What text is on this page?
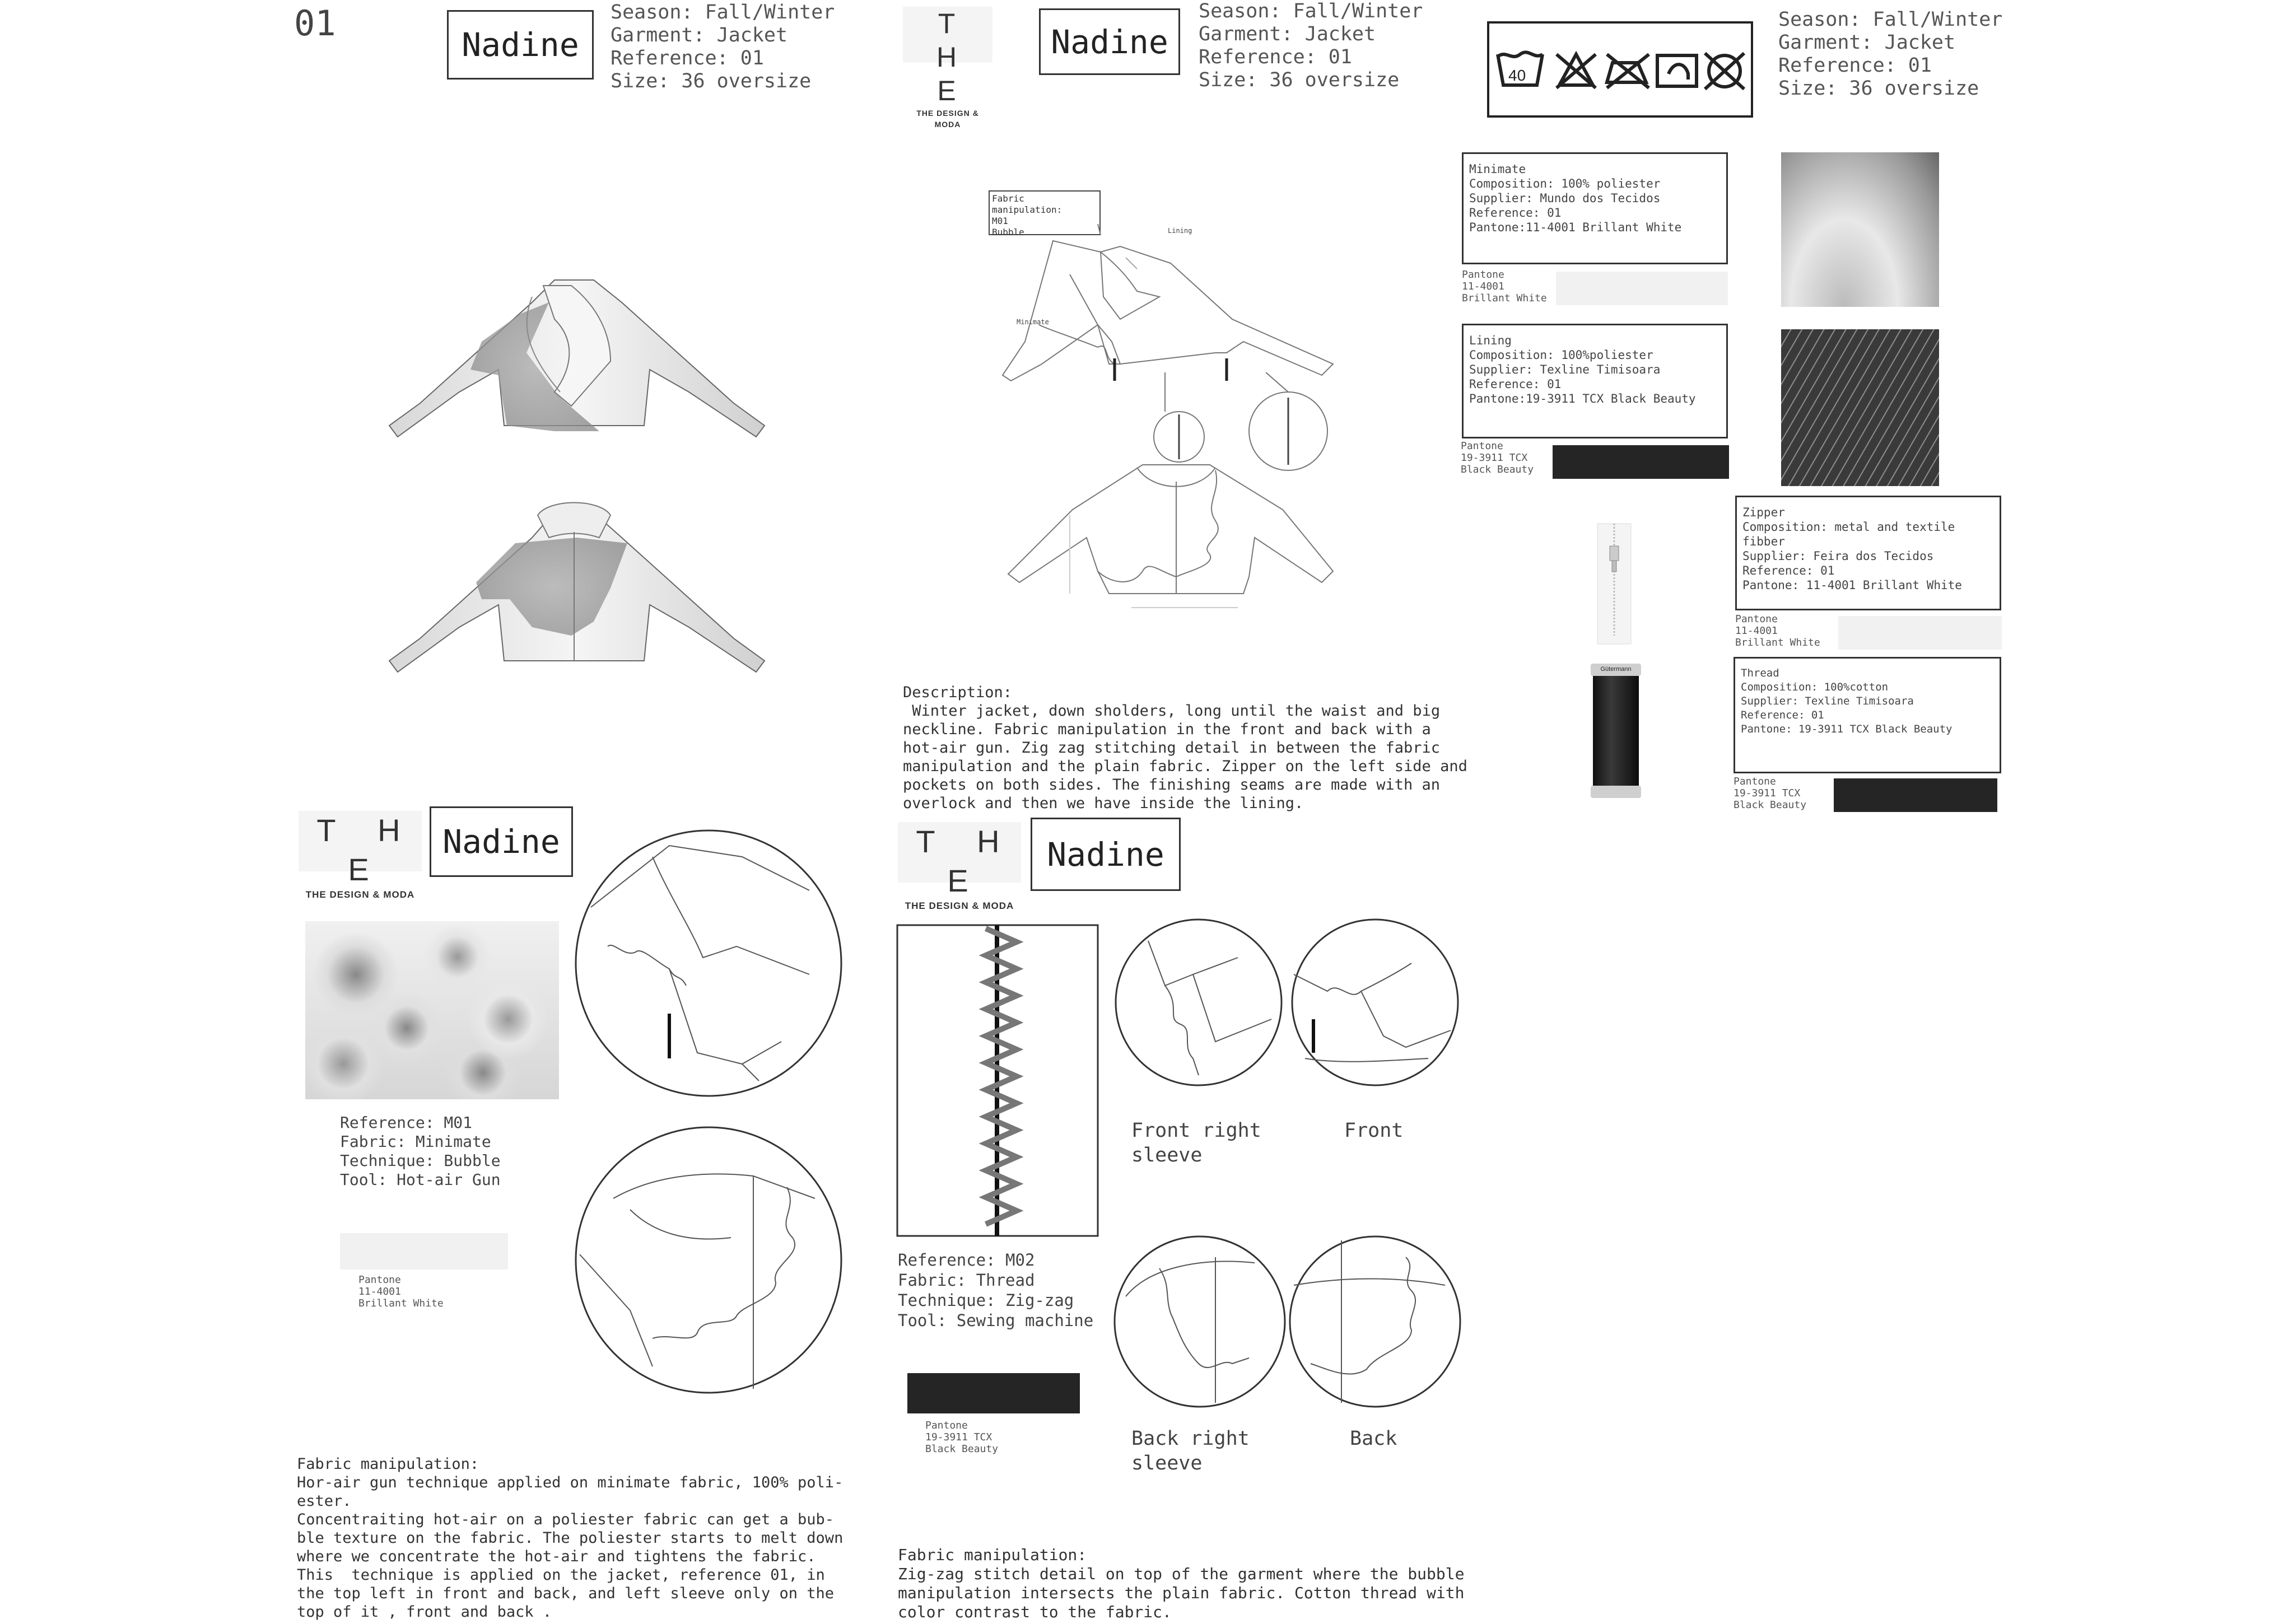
01
Nadine
Season: Fall/Winter
Garment: Jacket
Reference: 01
Size: 36 oversize
T H E
THE DESIGN & MODA
Nadine
Season: Fall/Winter
Garment: Jacket
Reference: 01
Size: 36 oversize
Fabric manipulation:
M01
Bubble	Lining
Minimate
Description:
Winter jacket, down sholders, long until the waist and big
neckline. Fabric manipulation in the front and back with a
hot-air gun. Zig zag stitching detail in between the fabric
manipulation and the plain fabric. Zipper on the left side and
pockets on both sides. The finishing seams are made with an
overlock and then we have inside the lining.
40
Season: Fall/Winter
Garment: Jacket
Reference: 01
Size: 36 oversize
Minimate
Composition: 100% poliester
Supplier: Mundo dos Tecidos
Reference: 01
Pantone:11-4001 Brillant White
Pantone
11-4001
Brillant White
Lining
Composition: 100%poliester
Supplier: Texline Timisoara
Reference: 01
Pantone:19-3911 TCX Black Beauty
Pantone
19-3911 TCX
Black Beauty
Zipper
Composition: metal and textile
fibber
Supplier: Feira dos Tecidos
Reference: 01
Pantone: 11-4001 Brillant White
Pantone
11-4001
Brillant White
Gütermann	Thread
Composition: 100%cotton
Supplier: Texline Timisoara
Reference: 01
Pantone: 19-3911 TCX Black Beauty
Pantone
19-3911 TCX
Black Beauty
T H E
THE DESIGN & MODA
Nadine
Reference: M01
Fabric: Minimate
Technique: Bubble
Tool: Hot-air Gun
Pantone
11-4001
Brillant White
Fabric manipulation:
Hor-air gun technique applied on minimate fabric, 100% poli-
ester.
Concentraiting hot-air on a poliester fabric can get a bub-
ble texture on the fabric. The poliester starts to melt down
where we concentrate the hot-air and tightens the fabric.
This  technique is applied on the jacket, reference 01, in
the top left in front and back, and left sleeve only on the
top of it , front and back .
T H E
THE DESIGN & MODA
Nadine
Front right
sleeve
Front
Back right
sleeve
Back
Reference: M02
Fabric: Thread
Technique: Zig-zag
Tool: Sewing machine
Pantone
19-3911 TCX
Black Beauty
Fabric manipulation:
Zig-zag stitch detail on top of the garment where the bubble
manipulation intersects the plain fabric. Cotton thread with
color contrast to the fabric.
